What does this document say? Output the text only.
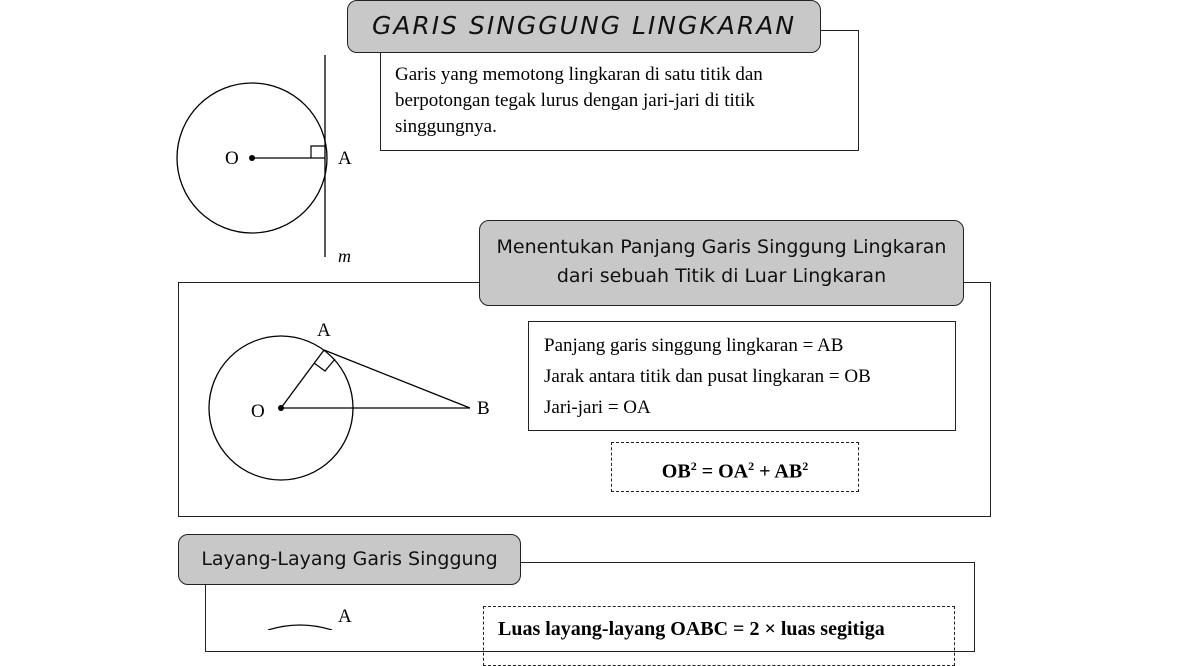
GARIS SINGGUNG LINGKARAN
Garis yang memotong lingkaran di satu titik dan berpotongan tegak lurus dengan jari-jari di titik singgungnya.
O	A
m	Menentukan Panjang Garis Singgung Lingkaran
dari sebuah Titik di Luar Lingkaran
A
O	B
Panjang garis singgung lingkaran = AB
Jarak antara titik dan pusat lingkaran = OB
Jari-jari = OA
$OB^2 = OA^2 + AB^2$
Layang-Layang Garis Singgung
A
Luas layang-layang OABC = 2 × luas segitiga
